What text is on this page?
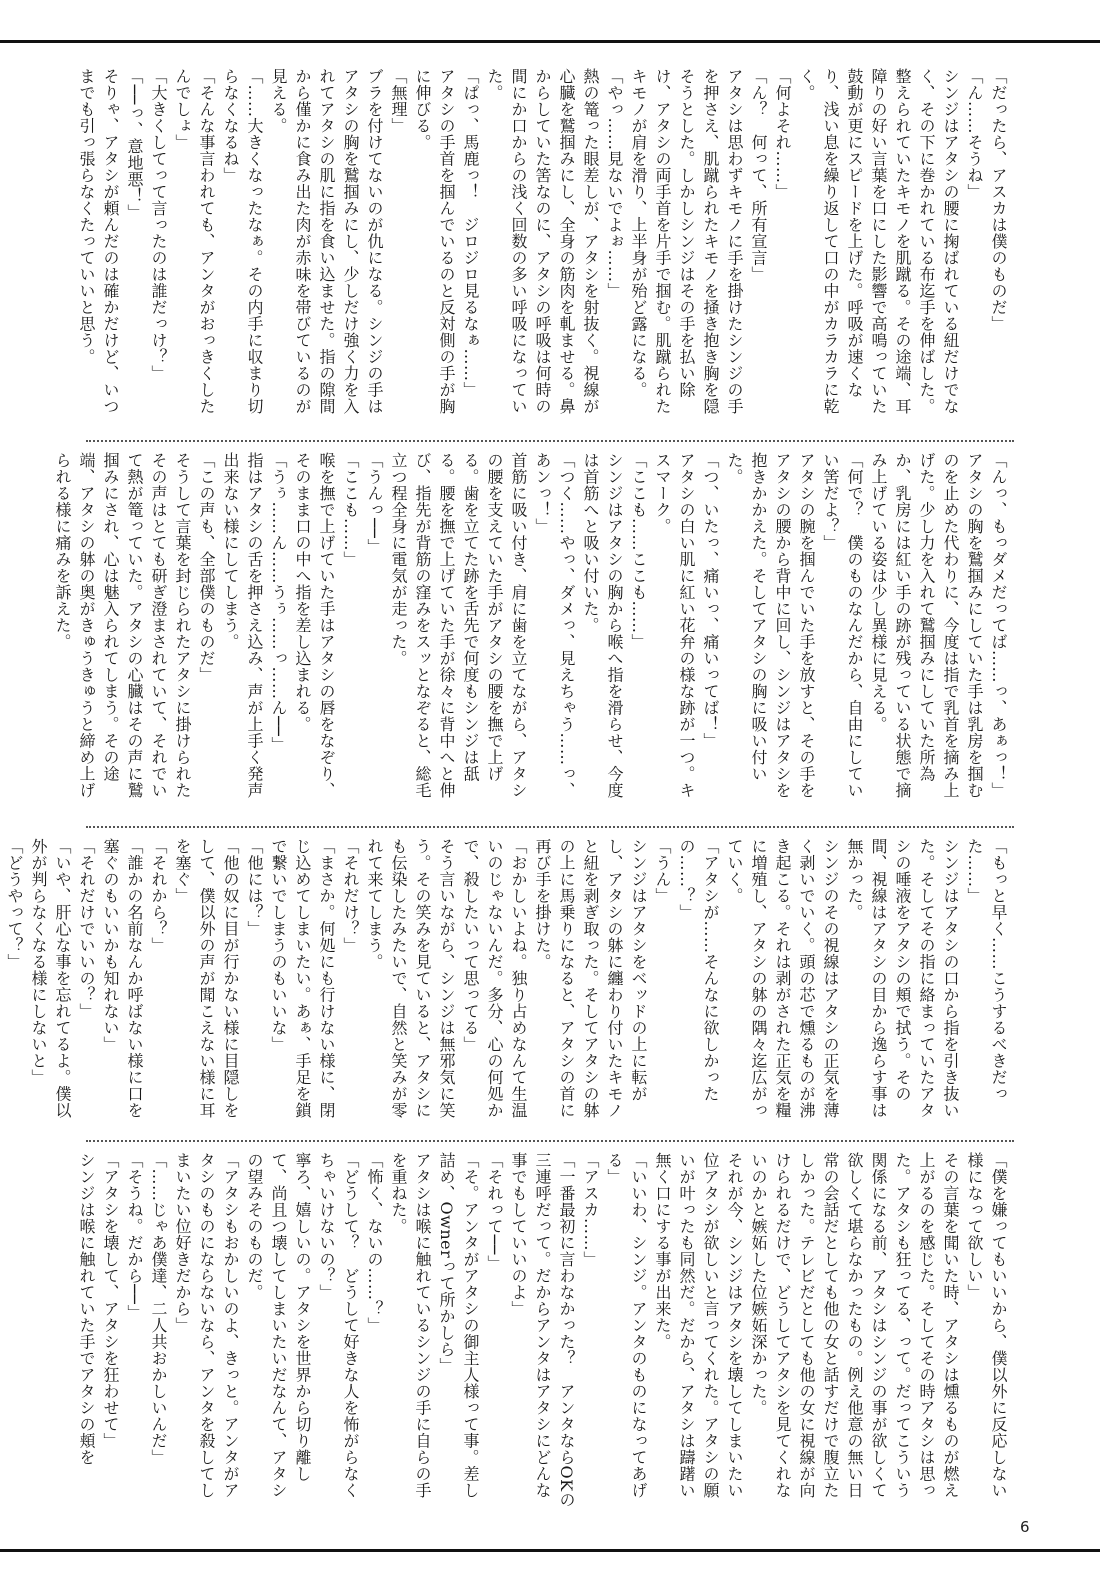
「だったら、アスカは僕のものだ」

「ん……そうね」

シンジはアタシの腰に掬ばれている紐だけでなく、その下に巻かれている布迄手を伸ばした。整えられていたキモノを肌蹴る。その途端、耳障りの好い言葉を口にした影響で高鳴っていた鼓動が更にスピードを上げた。呼吸が速くなり、浅い息を繰り返して口の中がカラカラに乾く。

「何よそれ……」

「ん？　何って、所有宣言」

アタシは思わずキモノに手を掛けたシンジの手を押さえ、肌蹴られたキモノを掻き抱き胸を隠そうとした。しかしシンジはその手を払い除け、アタシの両手首を片手で掴む。肌蹴られたキモノが肩を滑り、上半身が殆ど露になる。

「やっ……見ないでよぉ……」

熱の篭った眼差しが、アタシを射抜く。視線が心臓を鷲掴みにし、全身の筋肉を軋ませる。鼻からしていた筈なのに、アタシの呼吸は何時の間にか口からの浅く回数の多い呼吸になっていた。

「ぱっ、馬鹿っ！　ジロジロ見るなぁ……」

アタシの手首を掴んでいるのと反対側の手が胸に伸びる。

「無理」

ブラを付けてないのが仇になる。シンジの手はアタシの胸を鷲掴みにし、少しだけ強く力を入れてアタシの肌に指を食い込ませた。指の隙間から僅かに食み出た肉が赤味を帯びているのが見える。

「……大きくなったなぁ。その内手に収まり切らなくなるね」

「そんな事言われても、アンタがおっきくしたんでしょ」

「大きくしてって言ったのは誰だっけ？」

「──っ、意地悪！」

そりゃ、アタシが頼んだのは確かだけど、いつまでも引っ張らなくたっていいと思う。

「んっ、もっダメだってば……っ、あぁっ！」

アタシの胸を鷲掴みにしていた手は乳房を掴むのを止めた代わりに、今度は指で乳首を摘み上げた。少し力を入れて鷲掴みにしていた所為か、乳房には紅い手の跡が残っている状態で摘み上げている姿は少し異様に見える。

「何で？　僕のものなんだから、自由にしていい筈だよ？」

アタシの腕を掴んでいた手を放すと、その手をアタシの腰から背中に回し、シンジはアタシを抱きかかえた。そしてアタシの胸に吸い付いた。

「つ、いたっ、痛いっ、痛いってば！」

アタシの白い肌に紅い花弁の様な跡が一つ。キスマーク。

「ここも……ここも……」

シンジはアタシの胸から喉へ指を滑らせ、今度は首筋へと吸い付いた。

「つく……やっ、ダメっ、見えちゃう……っ、あンっ！」

首筋に吸い付き、肩に歯を立てながら、アタシの腰を支えていた手がアタシの腰を撫で上げる。歯を立てた跡を舌先で何度もシンジは舐る。腰を撫で上げていた手が徐々に背中へと伸び、指先が背筋の窪みをスッとなぞると、総毛立つ程全身に電気が走った。

「うんっ──」

「ここも……」

喉を撫で上げていた手はアタシの唇をなぞり、そのまま口の中へ指を差し込まれる。

「うぅ……ん……うぅ……っ……ん──」

指はアタシの舌を押さえ込み、声が上手く発声出来ない様にしてしまう。

「この声も、全部僕のものだ」

そうして言葉を封じられたアタシに掛けられたその声はとても研ぎ澄まされていて、それでいて熱が篭っていた。アタシの心臓はその声に鷲掴みにされ、心は魅入られてしまう。その途端、アタシの躰の奥がきゅうきゅうと締め上げられる様に痛みを訴えた。

「もっと早く……こうするべきだった……」

シンジはアタシの口から指を引き抜いた。そしてその指に絡まっていたアタシの唾液をアタシの頬で拭う。その間、視線はアタシの目から逸らす事は無かった。

シンジのその視線はアタシの正気を薄く剥いでいく。頭の芯で燻るものが沸き起こる。それは剥がされた正気を糧に増殖し、アタシの躰の隅々迄広がっていく。

「アタシが……そんなに欲しかったの……？」

「うん」

シンジはアタシをベッドの上に転がし、アタシの躰に纏わり付いたキモノと紐を剥ぎ取った。そしてアタシの躰の上に馬乗りになると、アタシの首に再び手を掛けた。

「おかしいよね。独り占めなんて生温いのじゃないんだ。多分、心の何処かで、殺したいって思ってる」

そう言いながら、シンジは無邪気に笑う。その笑みを見ていると、アタシにも伝染したみたいで、自然と笑みが零れて来てしまう。

「それだけ？」

「まさか。何処にも行けない様に、閉じ込めてしまいたい。あぁ、手足を鎖で繋いでしまうのもいいな」

「他には？」

「他の奴に目が行かない様に目隠しをして、僕以外の声が聞こえない様に耳を塞ぐ」

「それから？」

「誰かの名前なんか呼ばない様に口を塞ぐのもいいかも知れない」

「それだけでいいの？」

「いや、肝心な事を忘れてるよ。僕以外が判らなくなる様にしないと」

「どうやって？」

「僕を嫌ってもいいから、僕以外に反応しない様になって欲しい」

その言葉を聞いた時、アタシは燻るものが燃え上がるのを感じた。そしてその時アタシは思った。アタシも狂ってる、って。だってこういう関係になる前、アタシはシンジの事が欲しくて欲しくて堪らなかったもの。例え他意の無い日常の会話だとしても他の女と話すだけで腹立たしかった。テレビだとしても他の女に視線が向けられるだけで、どうしてアタシを見てくれないのかと嫉妬した位嫉妬深かった。

それが今、シンジはアタシを壊してしまいたい位アタシが欲しいと言ってくれた。アタシの願いが叶ったも同然だ。だから、アタシは躊躇い無く口にする事が出来た。

「いいわ、シンジ。アンタのものになってあげる」

「アスカ……」

「一番最初に言わなかった？　アンタならOKの三連呼だって。だからアンタはアタシにどんな事でもしていいのよ」

「それって──」

「そ。アンタがアタシの御主人様って事。差し詰め、Ownerって所かしら」

アタシは喉に触れているシンジの手に自らの手を重ねた。

「怖く、ないの……？」

「どうして？　どうして好きな人を怖がらなくちゃいけないの？」

寧ろ、嬉しいの。アタシを世界から切り離して、尚且つ壊してしまいたいだなんて、アタシの望みそのものだ。

「アタシもおかしいのよ、きっと。アンタがアタシのものにならないなら、アンタを殺してしまいたい位好きだから」

「……じゃあ僕達、二人共おかしいんだ」

「そうね。だから──」

「アタシを壊して、アタシを狂わせて」

シンジは喉に触れていた手でアタシの頬を

6
